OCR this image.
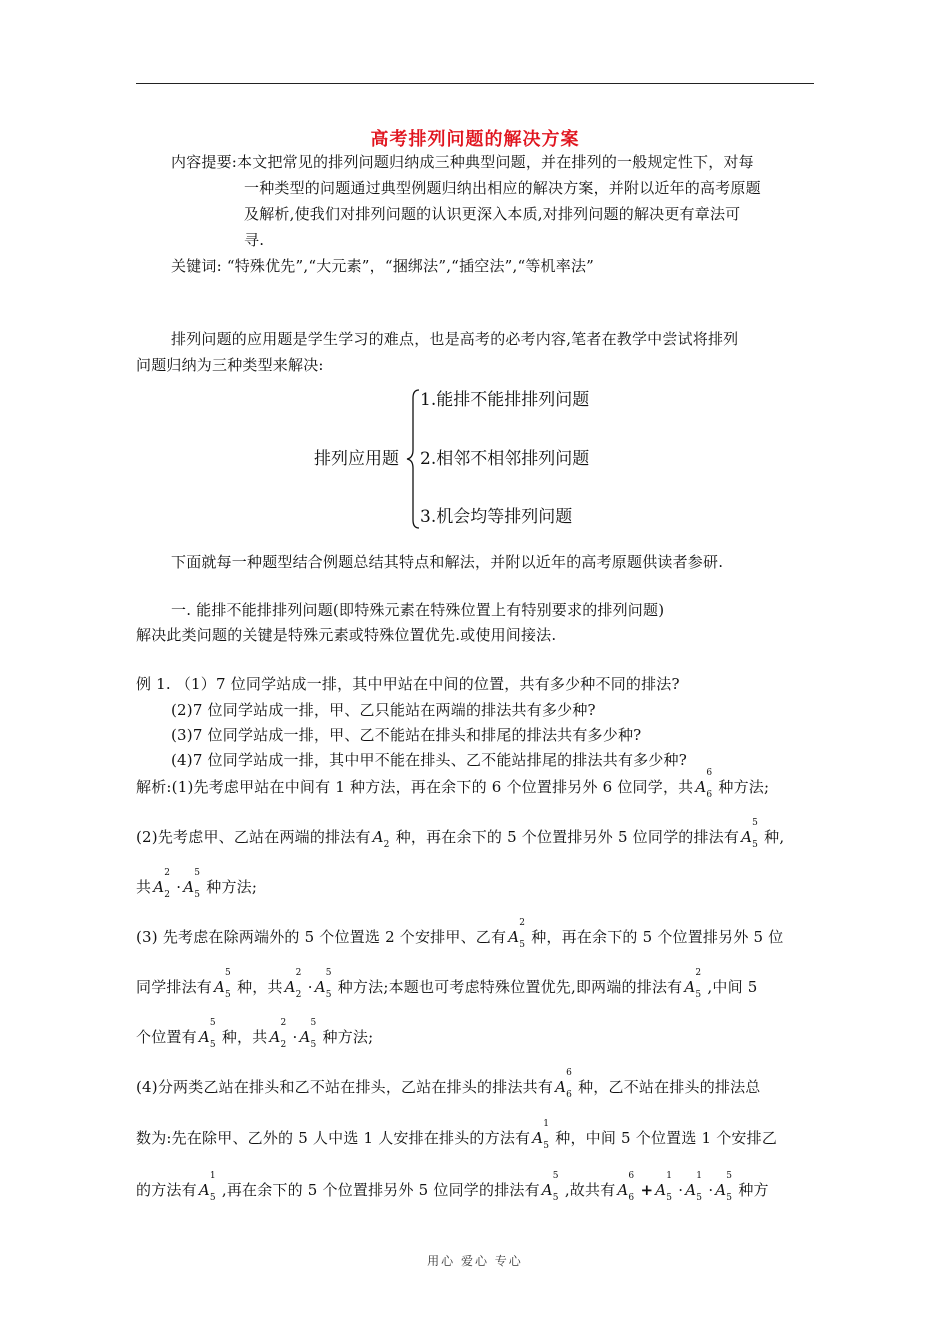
高考排列问题的解决方案
内容提要:本文把常见的排列问题归纳成三种典型问题，并在排列的一般规定性下，对每
一种类型的问题通过典型例题归纳出相应的解决方案，并附以近年的高考原题
及解析,使我们对排列问题的认识更深入本质,对排列问题的解决更有章法可
寻.
关键词: “特殊优先”,“大元素”，“捆绑法”,“插空法”,“等机率法”
排列问题的应用题是学生学习的难点，也是高考的必考内容,笔者在教学中尝试将排列
问题归纳为三种类型来解决:
排列应用题
1.能排不能排排列问题
2.相邻不相邻排列问题
3.机会均等排列问题
下面就每一种题型结合例题总结其特点和解法，并附以近年的高考原题供读者参研.
一. 能排不能排排列问题(即特殊元素在特殊位置上有特别要求的排列问题)
解决此类问题的关键是特殊元素或特殊位置优先.或使用间接法.
例 1. （1）7 位同学站成一排，其中甲站在中间的位置，共有多少种不同的排法?
(2)7 位同学站成一排，甲、乙只能站在两端的排法共有多少种?
(3)7 位同学站成一排，甲、乙不能站在排头和排尾的排法共有多少种?
(4)7 位同学站成一排，其中甲不能在排头、乙不能站排尾的排法共有多少种?
解析:(1)先考虑甲站在中间有 1 种方法，再在余下的 6 个位置排另外 6 位同学，共 A
6
6 种方法;
(2)先考虑甲、乙站在两端的排法有 A 2 种，再在余下的 5 个位置排另外 5 位同学的排法有 A
5
5 种,
共 A
2
2 · A
5
5 种方法;
(3) 先考虑在除两端外的 5 个位置选 2 个安排甲、乙有 A
2
5 种，再在余下的 5 个位置排另外 5 位
同学排法有 A
5
5 种，共 A
2
2 · A
5
5 种方法;本题也可考虑特殊位置优先,即两端的排法有 A
2
5 ,中间 5
个位置有 A
5
5 种，共 A
2
2 · A
5
5 种方法;
(4)分两类乙站在排头和乙不站在排头，乙站在排头的排法共有 A
6
6 种，乙不站在排头的排法总
数为:先在除甲、乙外的 5 人中选 1 人安排在排头的方法有 A
1
5 种，中间 5 个位置选 1 个安排乙
的方法有 A
1
5 ,再在余下的 5 个位置排另外 5 位同学的排法有 A
5
5 ,故共有 A
6
6 + A
1
5 · A
1
5 · A
5
5 种方
用心 爱心 专心
